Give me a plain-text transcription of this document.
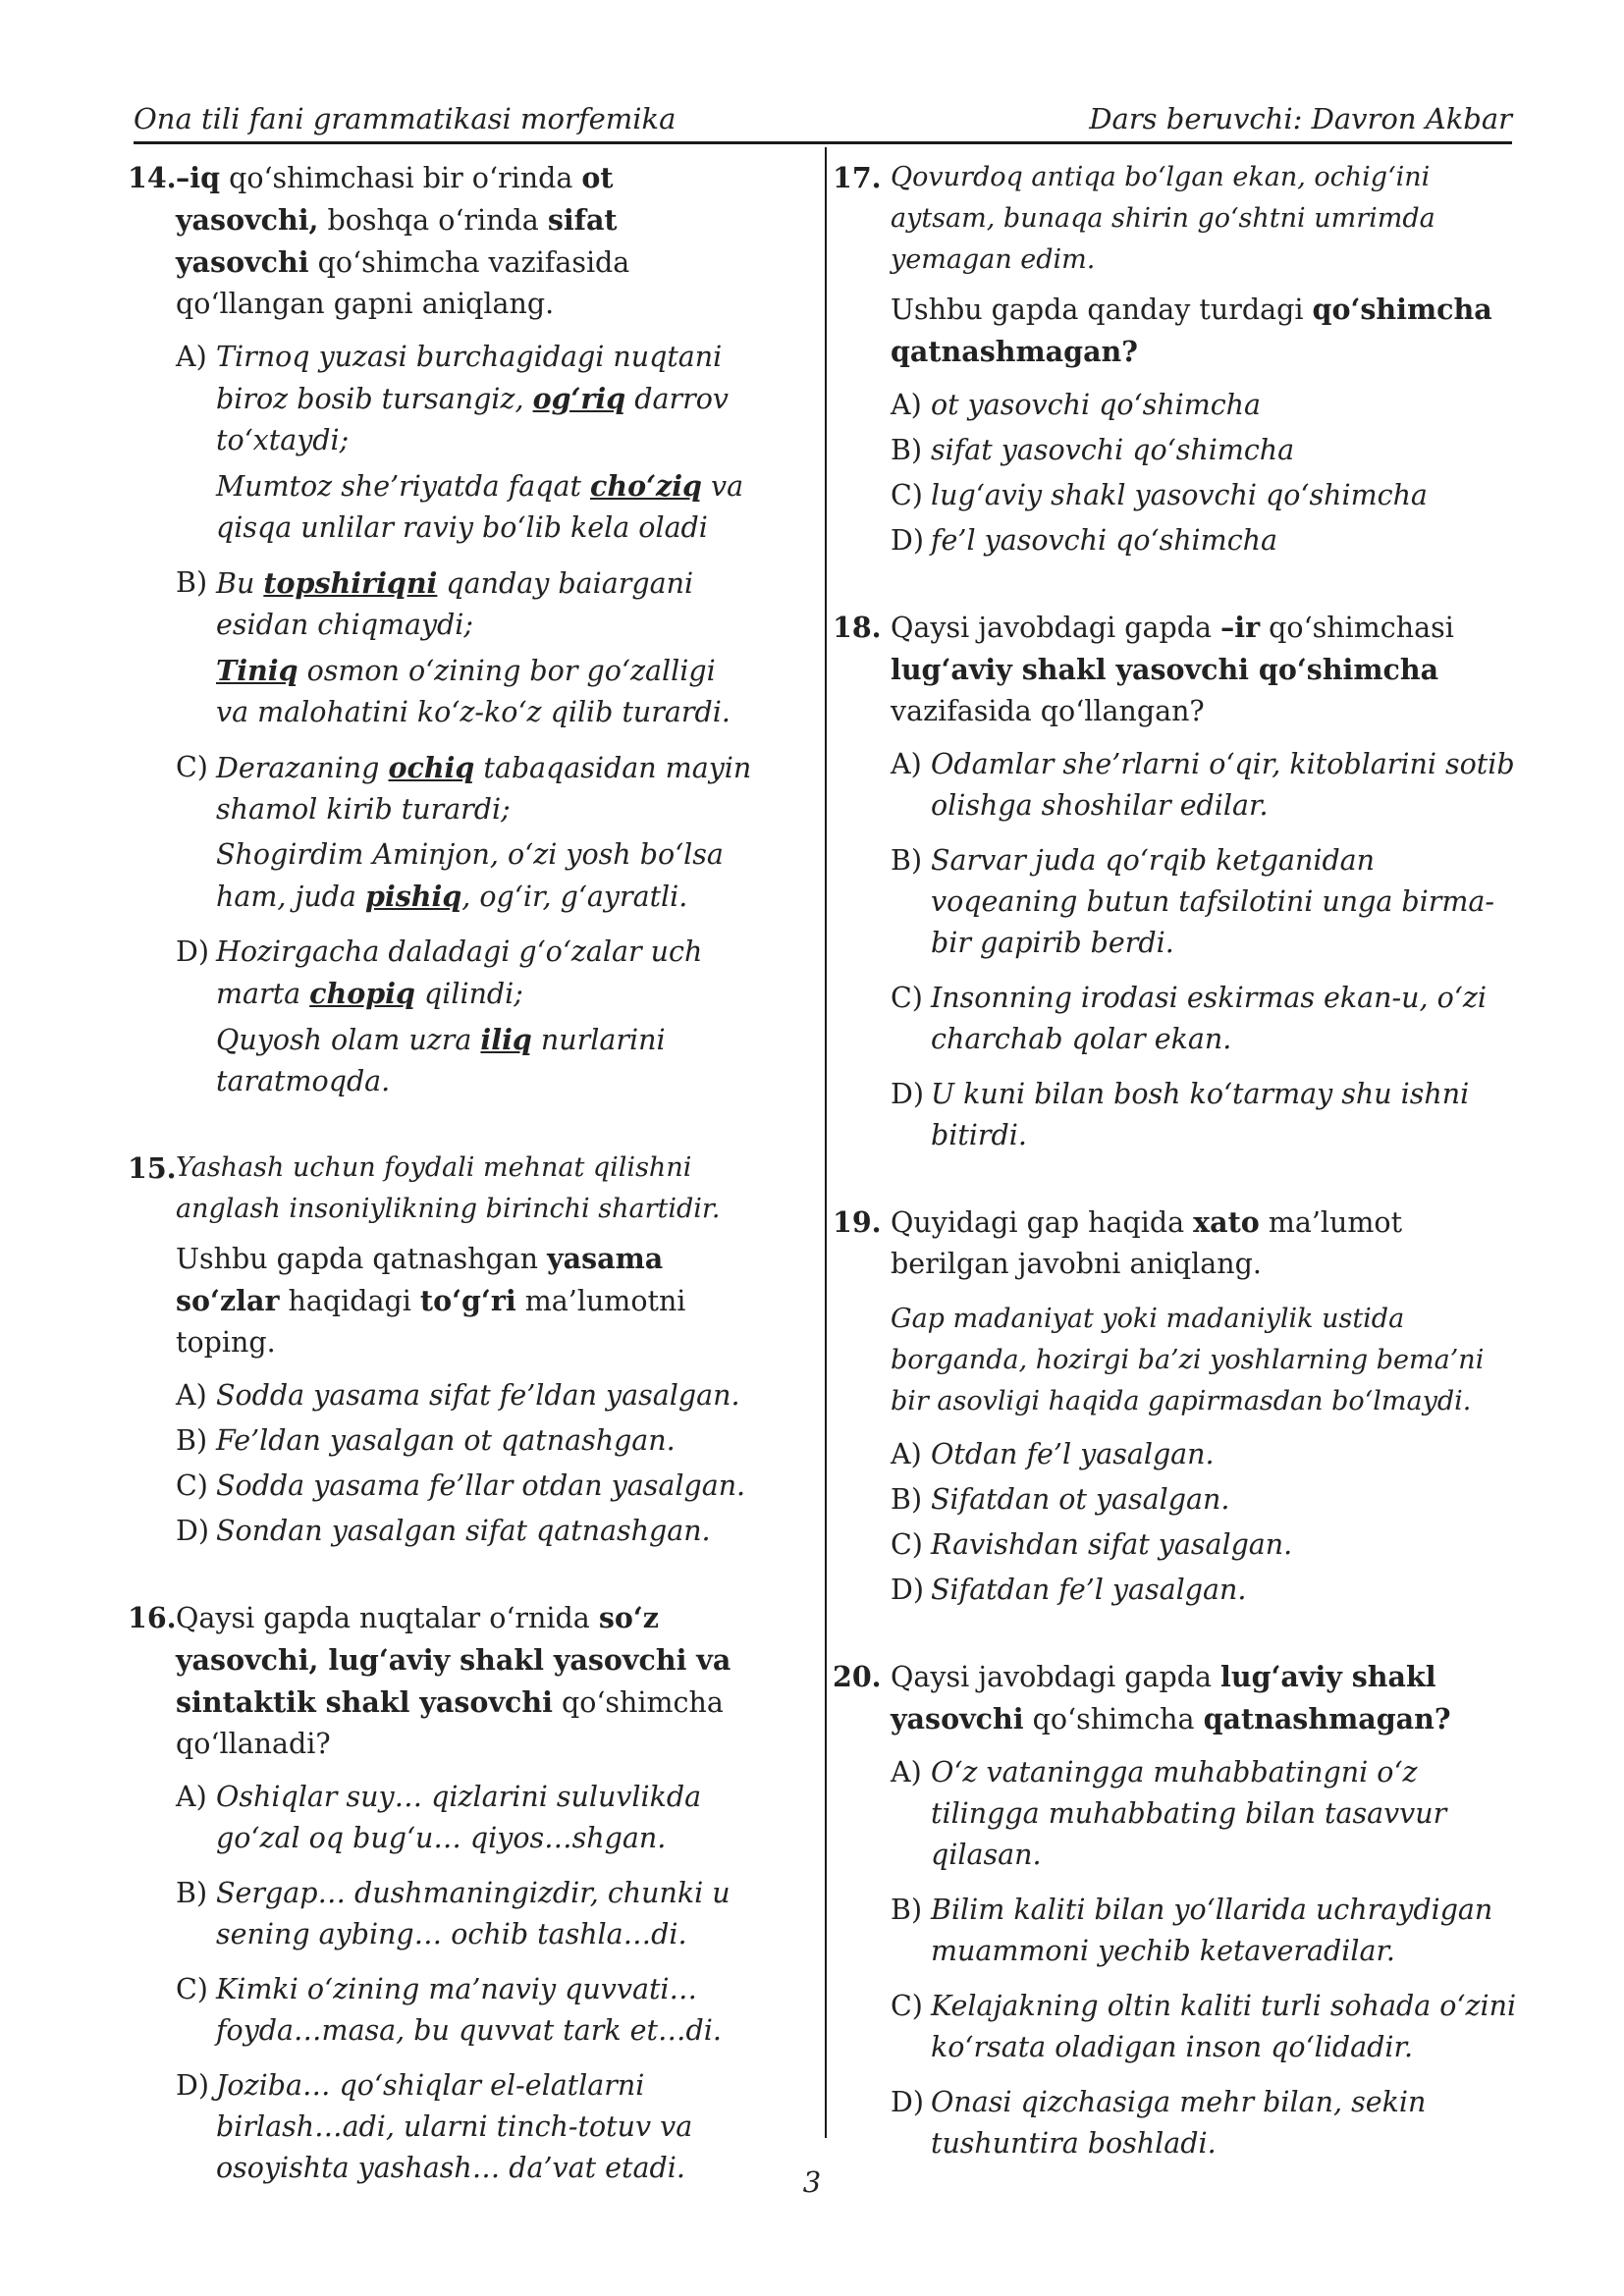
Ona tili fani grammatikasi morfemika	Dars beruvchi: Davron Akbar
14. –iq qo‘shimchasi bir o‘rinda ot yasovchi, boshqa o‘rinda sifat yasovchi qo‘shimcha vazifasida qo‘llangan gapni aniqlang.

A) Tirnoq yuzasi burchagidagi nuqtani biroz bosib tursangiz, og‘riq darrov to‘xtaydi;

Mumtoz she’riyatda faqat cho‘ziq va qisqa unlilar raviy bo‘lib kela oladi

B) Bu topshiriqni qanday baiargani esidan chiqmaydi;

Tiniq osmon o‘zining bor go‘zalligi va malohatini ko‘z-ko‘z qilib turardi.

C) Derazaning ochiq tabaqasidan mayin shamol kirib turardi;

Shogirdim Aminjon, o‘zi yosh bo‘lsa ham, juda pishiq, og‘ir, g‘ayratli.

D) Hozirgacha daladagi g‘o‘zalar uch marta chopiq qilindi;

Quyosh olam uzra iliq nurlarini taratmoqda.

15. Yashash uchun foydali mehnat qilishni anglash insoniylikning birinchi shartidir.

Ushbu gapda qatnashgan yasama so‘zlar haqidagi to‘g‘ri ma’lumotni toping.

A) Sodda yasama sifat fe’ldan yasalgan.
B) Fe’ldan yasalgan ot qatnashgan.
C) Sodda yasama fe’llar otdan yasalgan.
D) Sondan yasalgan sifat qatnashgan.
16. Qaysi gapda nuqtalar o‘rnida so‘z yasovchi, lug‘aviy shakl yasovchi va sintaktik shakl yasovchi qo‘shimcha qo‘llanadi?

A) Oshiqlar suy… qizlarini suluvlikda go‘zal oq bug‘u… qiyos…shgan.
B) Sergap… dushmaningizdir, chunki u sening aybing… ochib tashla…di.
C) Kimki o‘zining ma’naviy quvvati… foyda…masa, bu quvvat tark et…di.
D) Joziba… qo‘shiqlar el-elatlarni birlash…adi, ularni tinch-totuv va osoyishta yashash… da’vat etadi.
17. Qovurdoq antiqa bo‘lgan ekan, ochig‘ini aytsam, bunaqa shirin go‘shtni umrimda yemagan edim.

Ushbu gapda qanday turdagi qo‘shimcha qatnashmagan?

A) ot yasovchi qo‘shimcha
B) sifat yasovchi qo‘shimcha
C) lug‘aviy shakl yasovchi qo‘shimcha
D) fe’l yasovchi qo‘shimcha
18. Qaysi javobdagi gapda –ir qo‘shimchasi lug‘aviy shakl yasovchi qo‘shimcha vazifasida qo‘llangan?

A) Odamlar she’rlarni o‘qir, kitoblarini sotib olishga shoshilar edilar.
B) Sarvar juda qo‘rqib ketganidan voqeaning butun tafsilotini unga birma-bir gapirib berdi.
C) Insonning irodasi eskirmas ekan-u, o‘zi charchab qolar ekan.
D) U kuni bilan bosh ko‘tarmay shu ishni bitirdi.
19. Quyidagi gap haqida xato ma’lumot berilgan javobni aniqlang.

Gap madaniyat yoki madaniylik ustida borganda, hozirgi ba’zi yoshlarning bema’ni bir asovligi haqida gapirmasdan bo‘lmaydi.

A) Otdan fe’l yasalgan.
B) Sifatdan ot yasalgan.
C) Ravishdan sifat yasalgan.
D) Sifatdan fe’l yasalgan.
20. Qaysi javobdagi gapda lug‘aviy shakl yasovchi qo‘shimcha qatnashmagan?

A) O‘z vataningga muhabbatingni o‘z tilingga muhabbating bilan tasavvur qilasan.
B) Bilim kaliti bilan yo‘llarida uchraydigan muammoni yechib ketaveradilar.
C) Kelajakning oltin kaliti turli sohada o‘zini ko‘rsata oladigan inson qo‘lidadir.
D) Onasi qizchasiga mehr bilan, sekin tushuntira boshladi.
3
